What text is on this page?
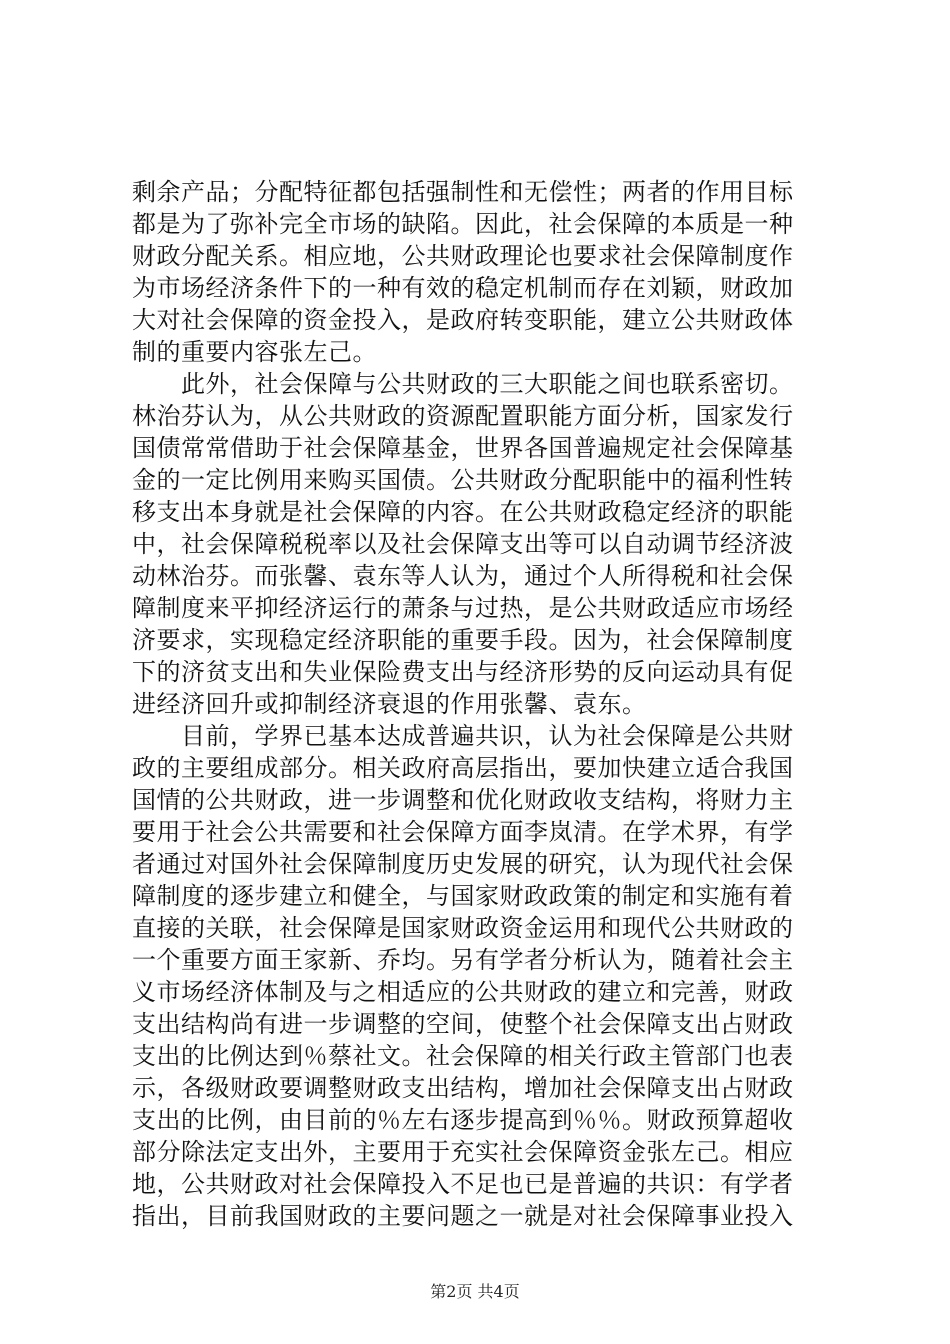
剩余产品；分配特征都包括强制性和无偿性；两者的作用目标
都是为了弥补完全市场的缺陷。因此，社会保障的本质是一种
财政分配关系。相应地，公共财政理论也要求社会保障制度作
为市场经济条件下的一种有效的稳定机制而存在刘颖，财政加
大对社会保障的资金投入，是政府转变职能，建立公共财政体
制的重要内容张左己。
　　此外，社会保障与公共财政的三大职能之间也联系密切。
林治芬认为，从公共财政的资源配置职能方面分析，国家发行
国债常常借助于社会保障基金，世界各国普遍规定社会保障基
金的一定比例用来购买国债。公共财政分配职能中的福利性转
移支出本身就是社会保障的内容。在公共财政稳定经济的职能
中，社会保障税税率以及社会保障支出等可以自动调节经济波
动林治芬。而张馨、袁东等人认为，通过个人所得税和社会保
障制度来平抑经济运行的萧条与过热，是公共财政适应市场经
济要求，实现稳定经济职能的重要手段。因为，社会保障制度
下的济贫支出和失业保险费支出与经济形势的反向运动具有促
进经济回升或抑制经济衰退的作用张馨、袁东。
　　目前，学界已基本达成普遍共识，认为社会保障是公共财
政的主要组成部分。相关政府高层指出，要加快建立适合我国
国情的公共财政，进一步调整和优化财政收支结构，将财力主
要用于社会公共需要和社会保障方面李岚清。在学术界，有学
者通过对国外社会保障制度历史发展的研究，认为现代社会保
障制度的逐步建立和健全，与国家财政政策的制定和实施有着
直接的关联，社会保障是国家财政资金运用和现代公共财政的
一个重要方面王家新、乔均。另有学者分析认为，随着社会主
义市场经济体制及与之相适应的公共财政的建立和完善，财政
支出结构尚有进一步调整的空间，使整个社会保障支出占财政
支出的比例达到％蔡社文。社会保障的相关行政主管部门也表
示，各级财政要调整财政支出结构，增加社会保障支出占财政
支出的比例，由目前的％左右逐步提高到％％。财政预算超收
部分除法定支出外，主要用于充实社会保障资金张左己。相应
地，公共财政对社会保障投入不足也已是普遍的共识：有学者
指出，目前我国财政的主要问题之一就是对社会保障事业投入
第2页 共4页
